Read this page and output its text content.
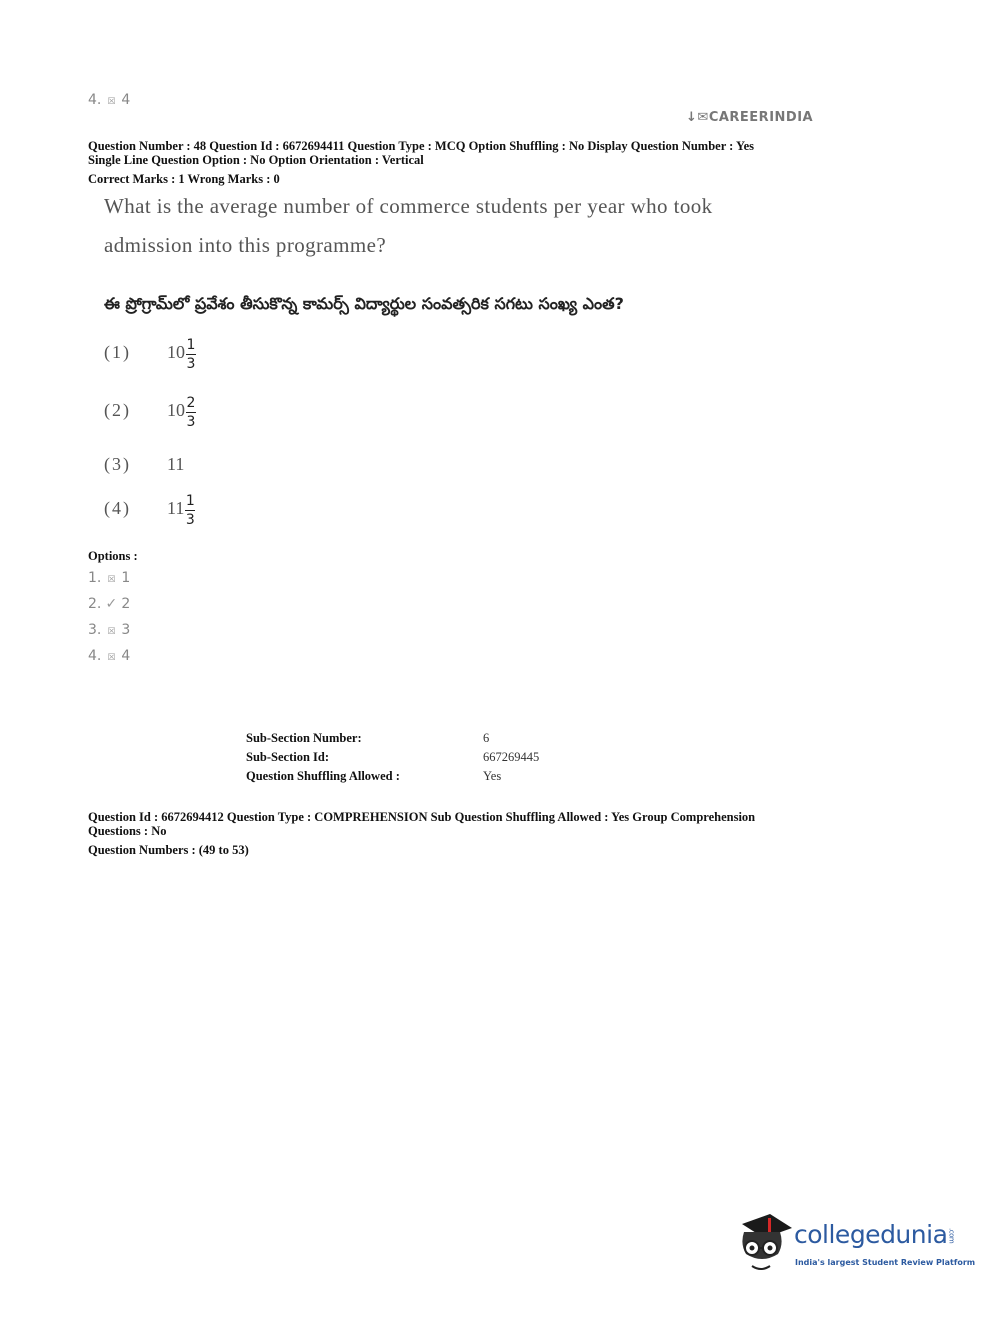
4. ☒ 4
↓✉CAREERINDIA
Question Number : 48 Question Id : 6672694411 Question Type : MCQ Option Shuffling : No Display Question Number : Yes
Single Line Question Option : No Option Orientation : Vertical
Correct Marks : 1 Wrong Marks : 0
What is the average number of commerce students per year who took
admission into this programme?
ఈ ప్రోగ్రామ్‌లో ప్రవేశం తీసుకొన్న కామర్స్ విద్యార్థుల సంవత్సరిక సగటు సంఖ్య ఎంత?
(1) $10 \frac{1}{3}$
(2) $10 \frac{2}{3}$
(3) 11
(4) $11 \frac{1}{3}$
Options :
1. ☒ 1
2. ✓ 2
3. ☒ 3
4. ☒ 4
Sub-Section Number:
Sub-Section Id:
Question Shuffling Allowed :
6
667269445
Yes
Question Id : 6672694412 Question Type : COMPREHENSION Sub Question Shuffling Allowed : Yes Group Comprehension
Questions : No
Question Numbers : (49 to 53)
collegedunia.com
India's largest Student Review Platform
